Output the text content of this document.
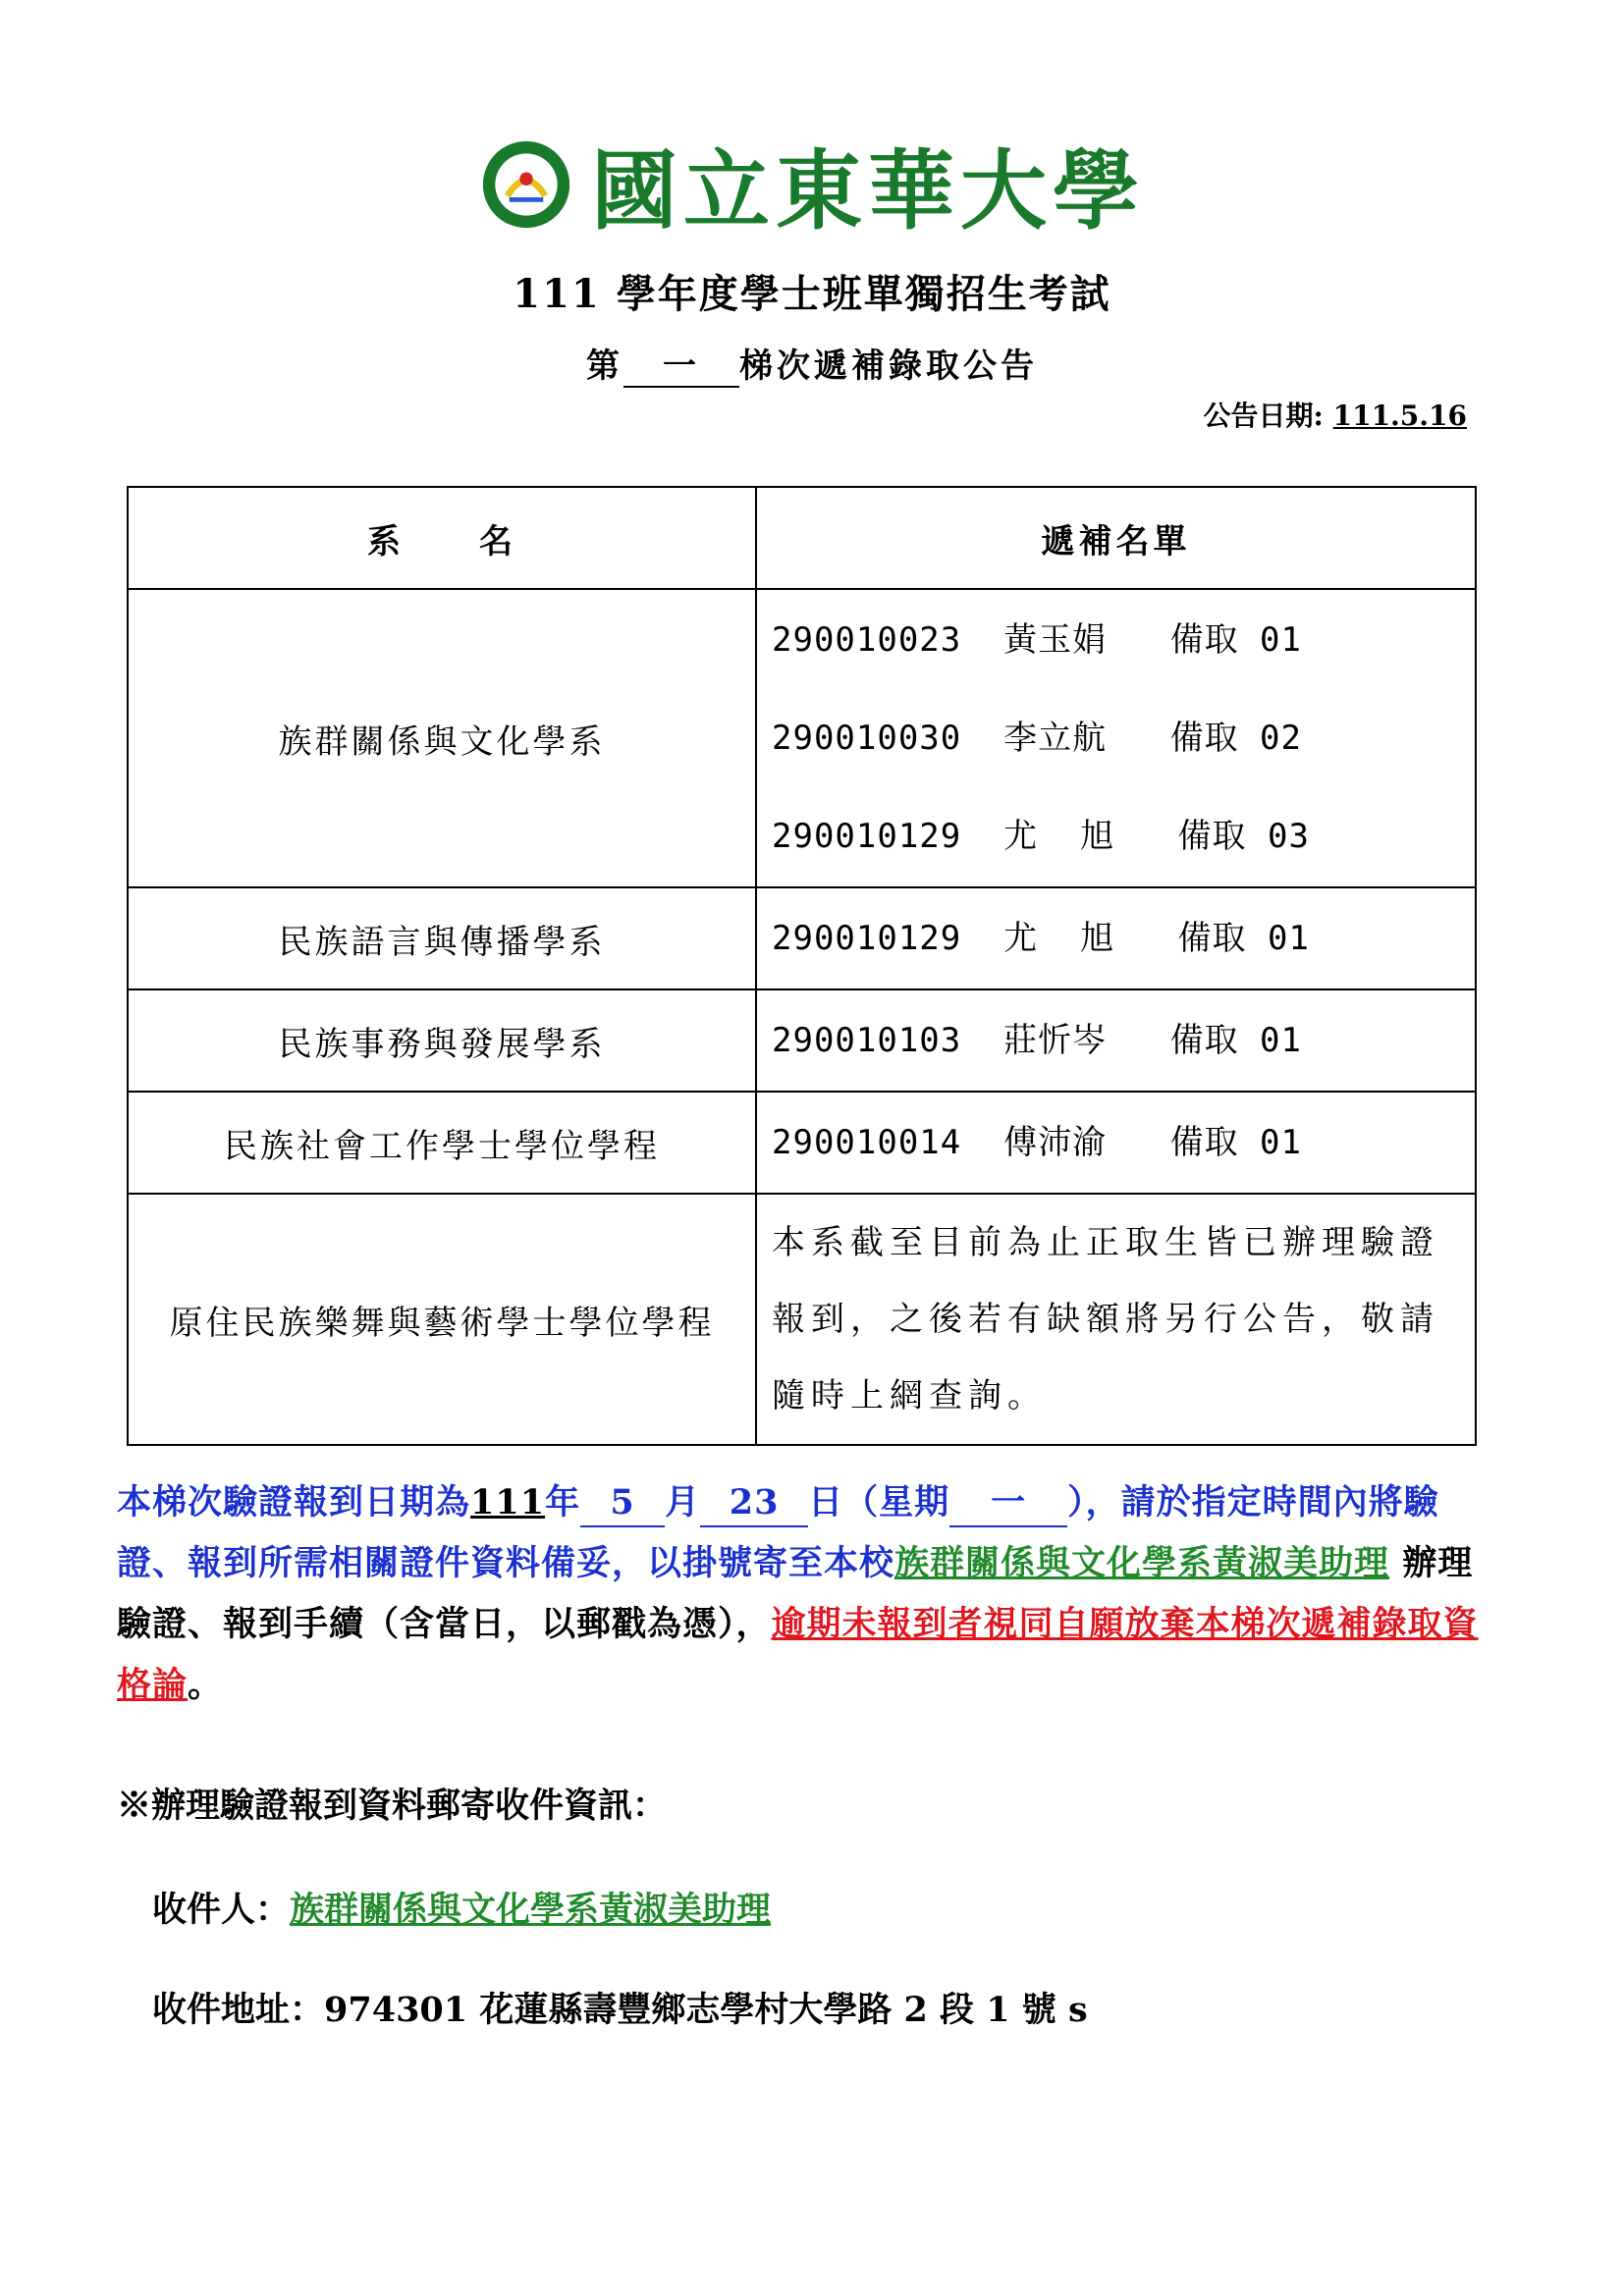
國立東華大學
111 學年度學士班單獨招生考試
第 一 梯次遞補錄取公告
公告日期: 111.5.16
系　　名	遞補名單
族群關係與文化學系	290010023  黃玉娟   備取 01
290010030  李立航   備取 02
290010129  尤  旭   備取 03

民族語言與傳播學系	290010129  尤  旭   備取 01

民族事務與發展學系	290010103  莊忻岑   備取 01

民族社會工作學士學位學程	290010014  傅沛渝   備取 01

原住民族樂舞與藝術學士學位學程	本系截至目前為止正取生皆已辦理驗證報到，之後若有缺額將另行公告，敬請隨時上網查詢。
本梯次驗證報到日期為111年 5 月 23 日（星期 一 ），請於指定時間內將驗證、報到所需相關證件資料備妥，以掛號寄至本校族群關係與文化學系黃淑美助理 辦理驗證、報到手續（含當日，以郵戳為憑），逾期未報到者視同自願放棄本梯次遞補錄取資格論。
※辦理驗證報到資料郵寄收件資訊：
收件人：族群關係與文化學系黃淑美助理
收件地址：974301 花蓮縣壽豐鄉志學村大學路 2 段 1 號 s
